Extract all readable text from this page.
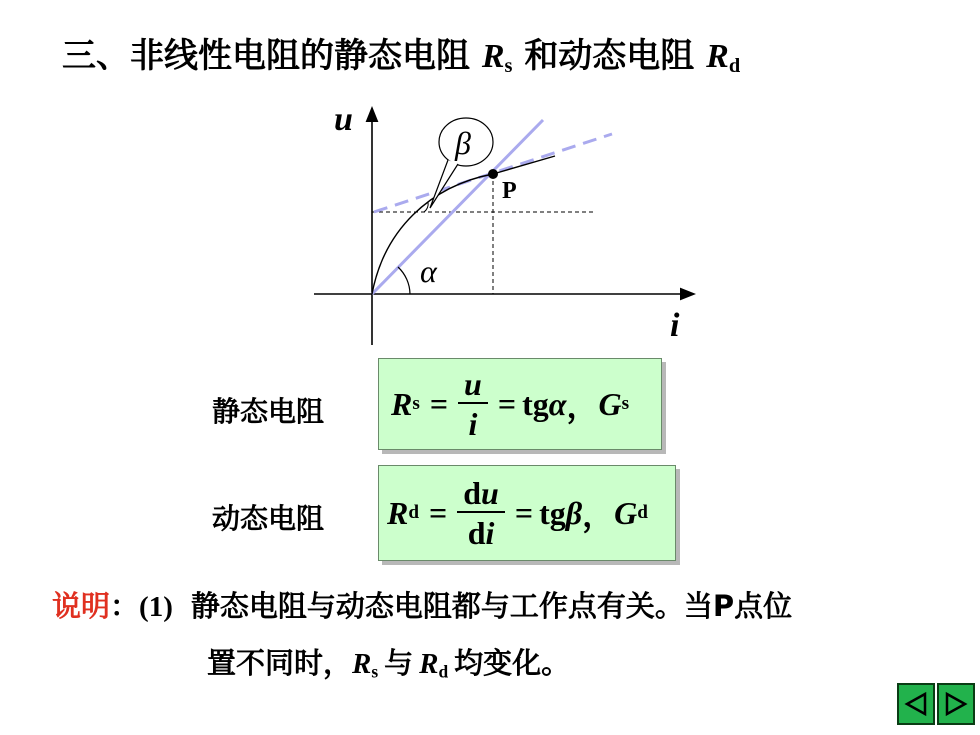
三、非线性电阻的静态电阻 $R_s$ 和动态电阻 $R_d$
u
i
P
α
β
静态电阻 R $s = \frac{u}{i}$ = tg α ， G s
动态电阻 R $d = \frac{du}{di}$ = tg β ， G d
说明：(1) 静态电阻与动态电阻都与工作点有关。当P点位
置不同时，$R_s$ 与 $R_d$ 均变化。
